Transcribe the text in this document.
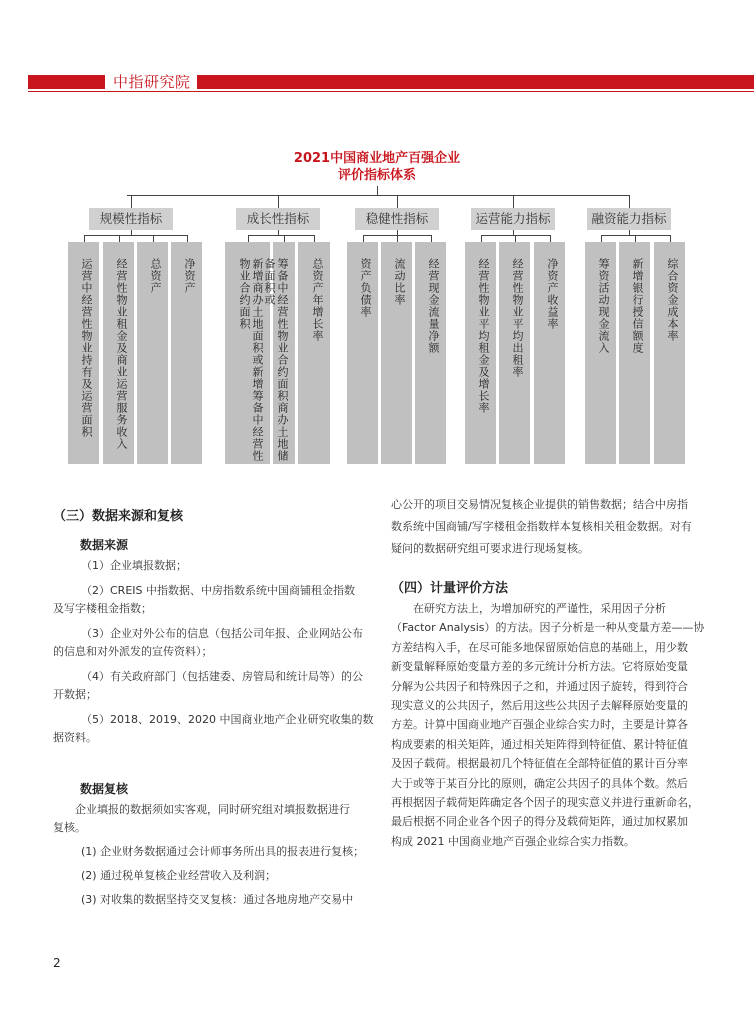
中指研究院
2021中国商业地产百强企业
评价指标体系
规模性指标
运营中经营性物业持有及运营面积 经营性物业租金及商业运营服务收入 总资产 净资产
成长性指标
新增商办土地面积或新增筹备中经营性物业合约面积	筹备中经营性物业合约面积商办土地储备面积或	总资产年增长率
稳健性指标
资产负债率 流动比率 经营现金流量净额
运营能力指标
经营性物业平均租金及增长率 经营性物业平均出租率 净资产收益率
融资能力指标
筹资活动现金流入 新增银行授信额度 综合资金成本率
（三）数据来源和复核
数据来源
（1）企业填报数据；
（2）CREIS 中指数据、中房指数系统中国商铺租金指数
及写字楼租金指数；
（3）企业对外公布的信息（包括公司年报、企业网站公布
的信息和对外派发的宣传资料）；
（4）有关政府部门（包括建委、房管局和统计局等）的公
开数据；
（5）2018、2019、2020 中国商业地产企业研究收集的数
据资料。
数据复核
企业填报的数据须如实客观，同时研究组对填报数据进行
复核。
(1) 企业财务数据通过会计师事务所出具的报表进行复核；
(2) 通过税单复核企业经营收入及利润；
(3) 对收集的数据坚持交叉复核：通过各地房地产交易中
心公开的项目交易情况复核企业提供的销售数据；结合中房指
数系统中国商铺/写字楼租金指数样本复核相关租金数据。对有
疑问的数据研究组可要求进行现场复核。
（四）计量评价方法
在研究方法上，为增加研究的严谨性，采用因子分析
（Factor Analysis）的方法。因子分析是一种从变量方差——协
方差结构入手，在尽可能多地保留原始信息的基础上，用少数
新变量解释原始变量方差的多元统计分析方法。它将原始变量
分解为公共因子和特殊因子之和，并通过因子旋转，得到符合
现实意义的公共因子，然后用这些公共因子去解释原始变量的
方差。计算中国商业地产百强企业综合实力时，主要是计算各
构成要素的相关矩阵，通过相关矩阵得到特征值、累计特征值
及因子载荷。根据最初几个特征值在全部特征值的累计百分率
大于或等于某百分比的原则，确定公共因子的具体个数。然后
再根据因子载荷矩阵确定各个因子的现实意义并进行重新命名，
最后根据不同企业各个因子的得分及载荷矩阵，通过加权累加
构成 2021 中国商业地产百强企业综合实力指数。
2
